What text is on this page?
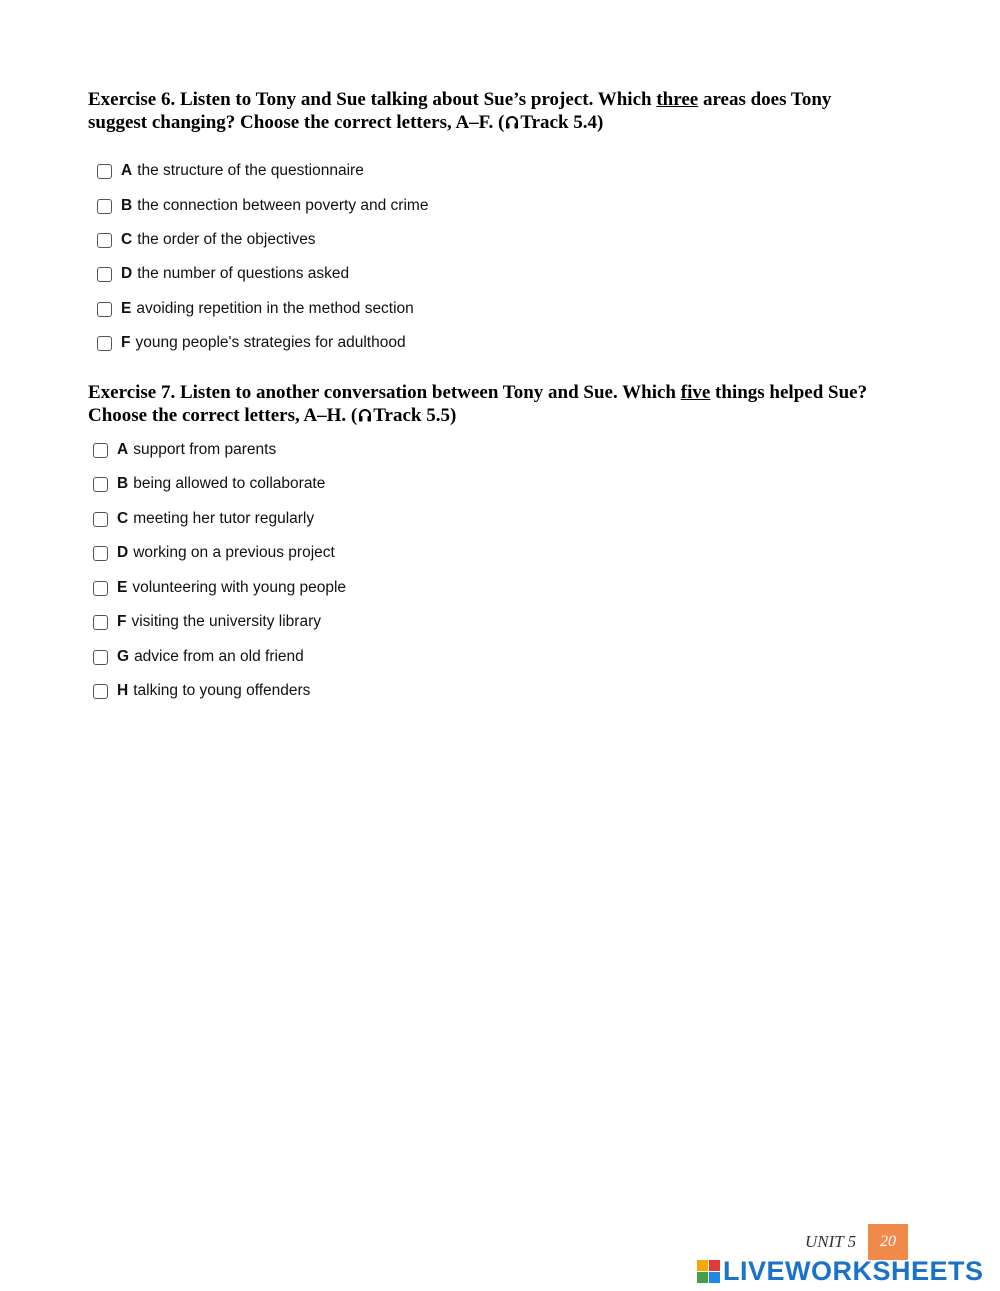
Exercise 6. Listen to Tony and Sue talking about Sue’s project. Which three areas does Tony
suggest changing? Choose the correct letters, A–F. ( Track 5.4)
A the structure of the questionnaire
B the connection between poverty and crime
C the order of the objectives
D the number of questions asked
E avoiding repetition in the method section
F young people's strategies for adulthood
Exercise 7. Listen to another conversation between Tony and Sue. Which five things helped Sue?
Choose the correct letters, A–H. ( Track 5.5)
A support from parents
B being allowed to collaborate
C meeting her tutor regularly
D working on a previous project
E volunteering with young people
F visiting the university library
G advice from an old friend
H talking to young offenders
UNIT 5	20
LIVEWORKSHEETS
